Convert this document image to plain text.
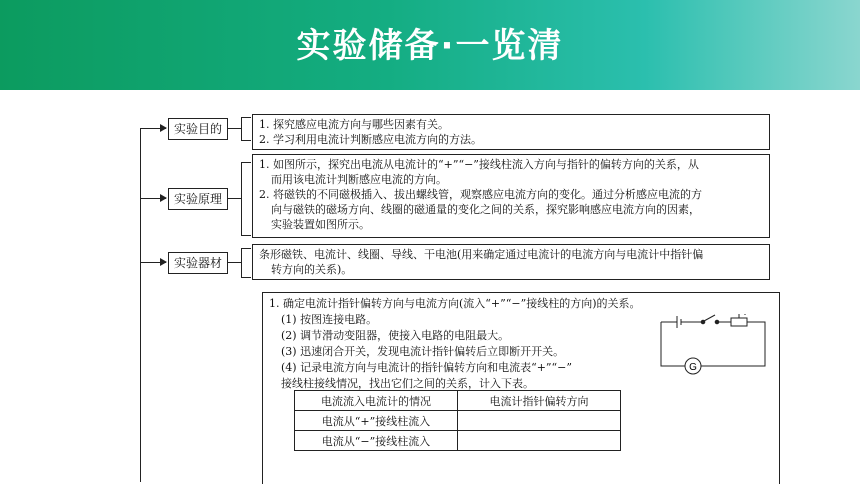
实验储备·一览清
实验目的	1. 探究感应电流方向与哪些因素有关。

2. 学习利用电流计判断感应电流方向的方法。

实验原理

1. 如图所示，探究出电流从电流计的“+”“−”接线柱流入方向与指针的偏转方向的关系，从

而用该电流计判断感应电流的方向。

2. 将磁铁的不同磁极插入、拔出螺线管，观察感应电流方向的变化。通过分析感应电流的方

向与磁铁的磁场方向、线圈的磁通量的变化之间的关系，探究影响感应电流方向的因素，

实验装置如图所示。

实验器材

条形磁铁、电流计、线圈、导线、干电池(用来确定通过电流计的电流方向与电流计中指针偏

转方向的关系)。

1. 确定电流计指针偏转方向与电流方向(流入“+”“−”接线柱的方向)的关系。

(1) 按图连接电路。

(2) 调节滑动变阻器，使接入电路的电阻最大。

(3) 迅速闭合开关，发现电流计指针偏转后立即断开开关。

(4) 记录电流方向与电流计的指针偏转方向和电流表“+”“−”

接线柱接线情况，找出它们之间的关系，计入下表。

G
电流流入电流计的情况	电流计指针偏转方向
电流从“+”接线柱流入	
电流从“−”接线柱流入	
